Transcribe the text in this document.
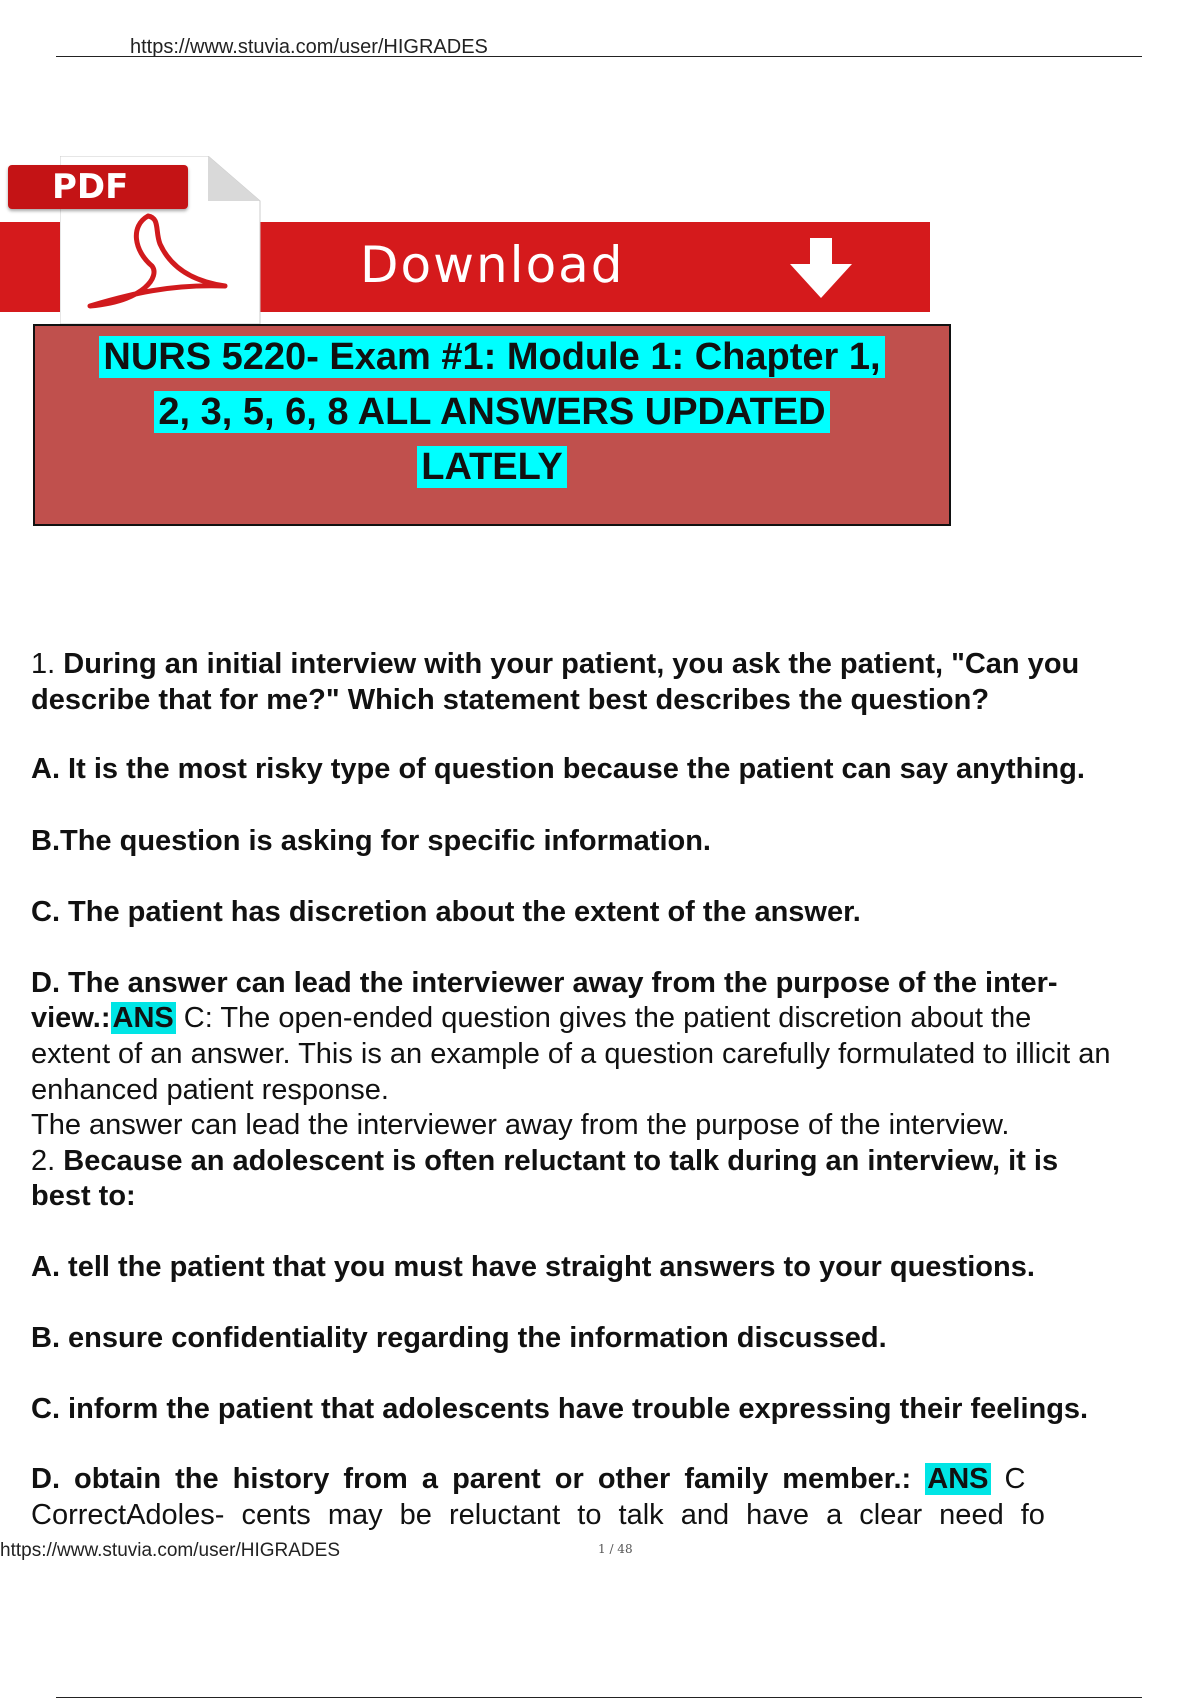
https://www.stuvia.com/user/HIGRADES
PDF
Download
NURS 5220- Exam #1: Module 1: Chapter 1,
2, 3, 5, 6, 8 ALL ANSWERS UPDATED
LATELY
1. During an initial interview with your patient, you ask the patient, "Can you
describe that for me?" Which statement best describes the question?
A. It is the most risky type of question because the patient can say anything.
B.The question is asking for specific information.
C. The patient has discretion about the extent of the answer.
D. The answer can lead the interviewer away from the purpose of the inter-
view.:ANS C: The open-ended question gives the patient discretion about the
extent of an answer. This is an example of a question carefully formulated to illicit an
enhanced patient response.
The answer can lead the interviewer away from the purpose of the interview.
2. Because an adolescent is often reluctant to talk during an interview, it is
best to:
A. tell the patient that you must have straight answers to your questions.
B. ensure confidentiality regarding the information discussed.
C. inform the patient that adolescents have trouble expressing their feelings.
D. obtain the history from a parent or other family member.: ANS C
CorrectAdoles- cents may be reluctant to talk and have a clear need fo
https://www.stuvia.com/user/HIGRADES	1 / 48
